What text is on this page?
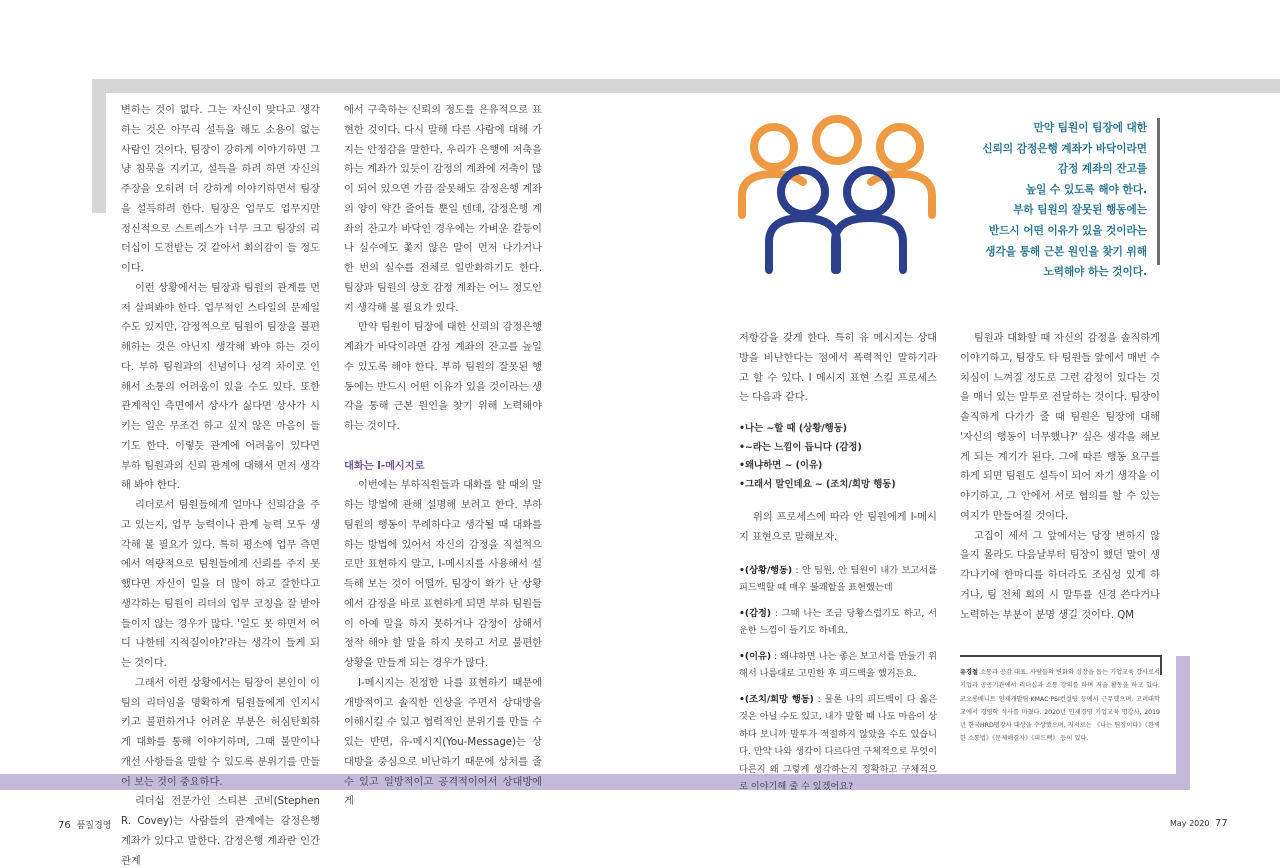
변하는 것이 없다. 그는 자신이 맞다고 생각하는 것은 아무리 설득을 해도 소용이 없는 사람인 것이다. 팀장이 강하게 이야기하면 그냥 침묵을 지키고, 설득을 하려 하면 자신의 주장을 오히려 더 강하게 이야기하면서 팀장을 설득하려 한다. 팀장은 업무도 업무지만 정신적으로 스트레스가 너무 크고 팀장의 리더십이 도전받는 것 같아서 회의감이 들 정도이다.

이런 상황에서는 팀장과 팀원의 관계를 먼저 살펴봐야 한다. 업무적인 스타일의 문제일 수도 있지만, 감정적으로 팀원이 팀장을 불편해하는 것은 아닌지 생각해 봐야 하는 것이다. 부하 팀원과의 신념이나 성격 차이로 인해서 소통의 어려움이 있을 수도 있다. 또한 관계적인 측면에서 상사가 싫다면 상사가 시키는 일은 무조건 하고 싶지 않은 마음이 들기도 한다. 이렇듯 관계에 어려움이 있다면 부하 팀원과의 신뢰 관계에 대해서 먼저 생각해 봐야 한다.

리더로서 팀원들에게 얼마나 신뢰감을 주고 있는지, 업무 능력이나 관계 능력 모두 생각해 볼 필요가 있다. 특히 평소에 업무 측면에서 역량적으로 팀원들에게 신뢰를 주지 못했다면 자신이 일을 더 많이 하고 잘한다고 생각하는 팀원이 리더의 업무 코칭을 잘 받아들이지 않는 경우가 많다. '일도 못 하면서 어디 나한테 지적질이야?'라는 생각이 들게 되는 것이다.

그래서 이런 상황에서는 팀장이 본인이 이 팀의 리더임을 명확하게 팀원들에게 인지시키고 불편하거나 어려운 부분은 허심탄회하게 대화를 통해 이야기하며, 그때 불만이나 개선 사항들을 말할 수 있도록 분위기를 만들어 보는 것이 중요하다.

리더십 전문가인 스티븐 코비(Stephen R. Covey)는 사람들의 관계에는 감정은행 계좌가 있다고 말한다. 감정은행 계좌란 인간관계

에서 구축하는 신뢰의 정도를 은유적으로 표현한 것이다. 다시 말해 다른 사람에 대해 가지는 안정감을 말한다. 우리가 은행에 저축을 하는 계좌가 있듯이 감정의 계좌에 저축이 많이 되어 있으면 가끔 잘못해도 감정은행 계좌의 양이 약간 줄어들 뿐일 텐데, 감정은행 계좌의 잔고가 바닥인 경우에는 가벼운 갈등이나 실수에도 쫓지 않은 말이 먼저 나가거나 한 번의 실수를 전체로 일반화하기도 한다. 팀장과 팀원의 상호 감정 계좌는 어느 정도인지 생각해 볼 필요가 있다.

만약 팀원이 팀장에 대한 신뢰의 감정은행 계좌가 바닥이라면 감정 계좌의 잔고를 높일 수 있도록 해야 한다. 부하 팀원의 잘못된 행동에는 반드시 어떤 이유가 있을 것이라는 생각을 통해 근본 원인을 찾기 위해 노력해야 하는 것이다.

대화는 I-메시지로

이번에는 부하직원들과 대화를 할 때의 말하는 방법에 관해 설명해 보려고 한다. 부하 팀원의 행동이 무례하다고 생각될 때 대화를 하는 방법에 있어서 자신의 감정을 직설적으로만 표현하지 말고, I-메시지를 사용해서 설득해 보는 것이 어떨까. 팀장이 화가 난 상황에서 감정을 바로 표현하게 되면 부하 팀원들이 아예 말을 하지 못하거나 감정이 상해서 정작 해야 할 말을 하지 못하고 서로 불편한 상황을 만들게 되는 경우가 많다.

I-메시지는 진정한 나를 표현하기 때문에 개방적이고 솔직한 인상을 주면서 상대방을 이해시킬 수 있고 협력적인 분위기를 만들 수 있는 반면, 유-메시지(You-Message)는 상대방을 중심으로 비난하기 때문에 상처를 줄 수 있고 일방적이고 공격적이어서 상대방에게

만약 팀원이 팀장에 대한
신뢰의 감정은행 계좌가 바닥이라면
감정 계좌의 잔고를
높일 수 있도록 해야 한다.
부하 팀원의 잘못된 행동에는
반드시 어떤 이유가 있을 것이라는
생각을 통해 근본 원인을 찾기 위해
노력해야 하는 것이다.

저항감을 갖게 한다. 특히 유 메시지는 상대방을 비난한다는 점에서 폭력적인 말하기라고 할 수 있다. I 메시지 표현 스킬 프로세스는 다음과 같다.

•나는 ~할 때 (상황/행동)
•~라는 느낌이 듭니다 (감정)
•왜냐하면 ~ (이유)
•그래서 말인데요 ~ (조치/희망 행동)

위의 프로세스에 따라 안 팀원에게 I-메시지 표현으로 말해보자.

•(상황/행동) : 안 팀원, 안 팀원이 내가 보고서를 피드백할 때 매우 불쾌함을 표현했는데

•(감정) : 그때 나는 조금 당황스럽기도 하고, 서운한 느낌이 들기도 하네요.

•(이유) : 왜냐하면 나는 좋은 보고서를 만들기 위해서 나름대로 고민한 후 피드백을 했거든요.

•(조치/희망 행동) : 물론 나의 피드백이 다 옳은 것은 아닐 수도 있고, 내가 말할 때 나도 마음이 상하다 보니까 말투가 적절하지 않았을 수도 있습니다. 만약 나와 생각이 다르다면 구체적으로 무엇이 다른지 왜 그렇게 생각하는지 정확하고 구체적으로 이야기해 줄 수 있겠어요?

팀원과 대화할 때 자신의 감정을 솔직하게 이야기하고, 팀장도 타 팀원들 앞에서 매번 수치심이 느껴질 정도로 그런 감정이 있다는 것을 매너 있는 말투로 전달하는 것이다. 팀장이 솔직하게 다가가 줄 때 팀원은 팀장에 대해 '자신의 행동이 너무했나?' 싶은 생각을 해보게 되는 계기가 된다. 그에 따른 행동 요구를 하게 되면 팀원도 설득이 되어 자기 생각을 이야기하고, 그 안에서 서로 협의를 할 수 있는 여지가 만들어질 것이다.

고집이 세서 그 앞에서는 당장 변하지 않을지 몰라도 다음날부터 팀장이 했던 말이 생각나기에 한마디를 하더라도 조심성 있게 하거나, 팀 전체 회의 시 말투를 신경 쓴다거나 노력하는 부분이 분명 생길 것이다. QM

유경철 소통과 공감 대표. 사람들의 변화와 성장을 돕는 기업교육 강사로서 기업과 공공기관에서 리더십과 소통 강의를 하며 저술 활동을 하고 있다. 코오롱베니트 인재개발팀·KMAC·PSI컨설팅 등에서 근무했으며, 고려대학교에서 경영학 석사를 마쳤다. 2020년 인재경영 기업교육 명강사, 2019년 한국HRD명강사 대상을 수상했으며, 저서로는 《나는 팀장이다》《완벽한 소통법》《문제해결자》《피드백》 등이 있다.
76 품질경영	May 2020 77
